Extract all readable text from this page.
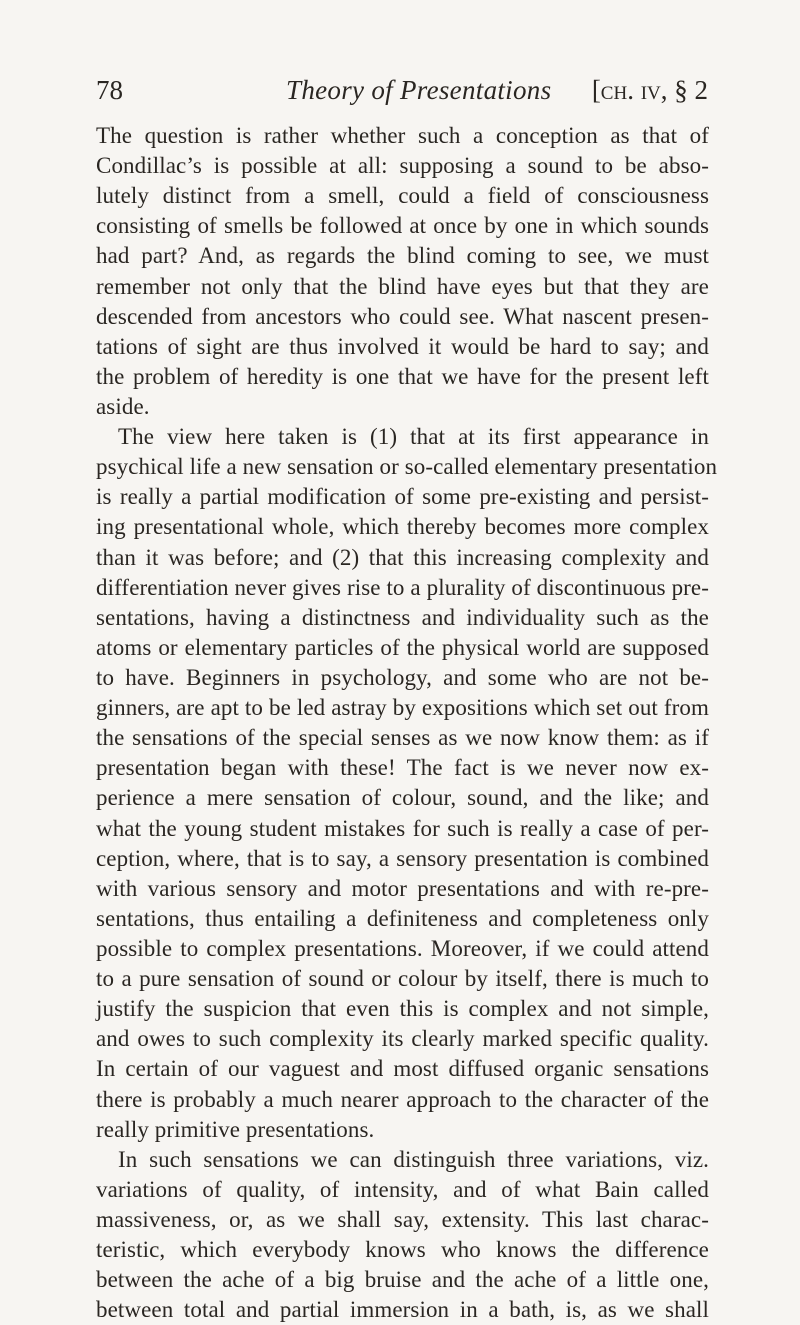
78	Theory of Presentations [ch. iv, § 2
The question is rather whether such a conception as that of
Condillac’s is possible at all: supposing a sound to be abso-
lutely distinct from a smell, could a field of consciousness
consisting of smells be followed at once by one in which sounds
had part? And, as regards the blind coming to see, we must
remember not only that the blind have eyes but that they are
descended from ancestors who could see. What nascent presen-
tations of sight are thus involved it would be hard to say; and
the problem of heredity is one that we have for the present left
aside.
The view here taken is (1) that at its first appearance in
psychical life a new sensation or so-called elementary presentation
is really a partial modification of some pre-existing and persist-
ing presentational whole, which thereby becomes more complex
than it was before; and (2) that this increasing complexity and
differentiation never gives rise to a plurality of discontinuous pre-
sentations, having a distinctness and individuality such as the
atoms or elementary particles of the physical world are supposed
to have. Beginners in psychology, and some who are not be-
ginners, are apt to be led astray by expositions which set out from
the sensations of the special senses as we now know them: as if
presentation began with these! The fact is we never now ex-
perience a mere sensation of colour, sound, and the like; and
what the young student mistakes for such is really a case of per-
ception, where, that is to say, a sensory presentation is combined
with various sensory and motor presentations and with re-pre-
sentations, thus entailing a definiteness and completeness only
possible to complex presentations. Moreover, if we could attend
to a pure sensation of sound or colour by itself, there is much to
justify the suspicion that even this is complex and not simple,
and owes to such complexity its clearly marked specific quality.
In certain of our vaguest and most diffused organic sensations
there is probably a much nearer approach to the character of the
really primitive presentations.
In such sensations we can distinguish three variations, viz.
variations of quality, of intensity, and of what Bain called
massiveness, or, as we shall say, extensity. This last charac-
teristic, which everybody knows who knows the difference
between the ache of a big bruise and the ache of a little one,
between total and partial immersion in a bath, is, as we shall
